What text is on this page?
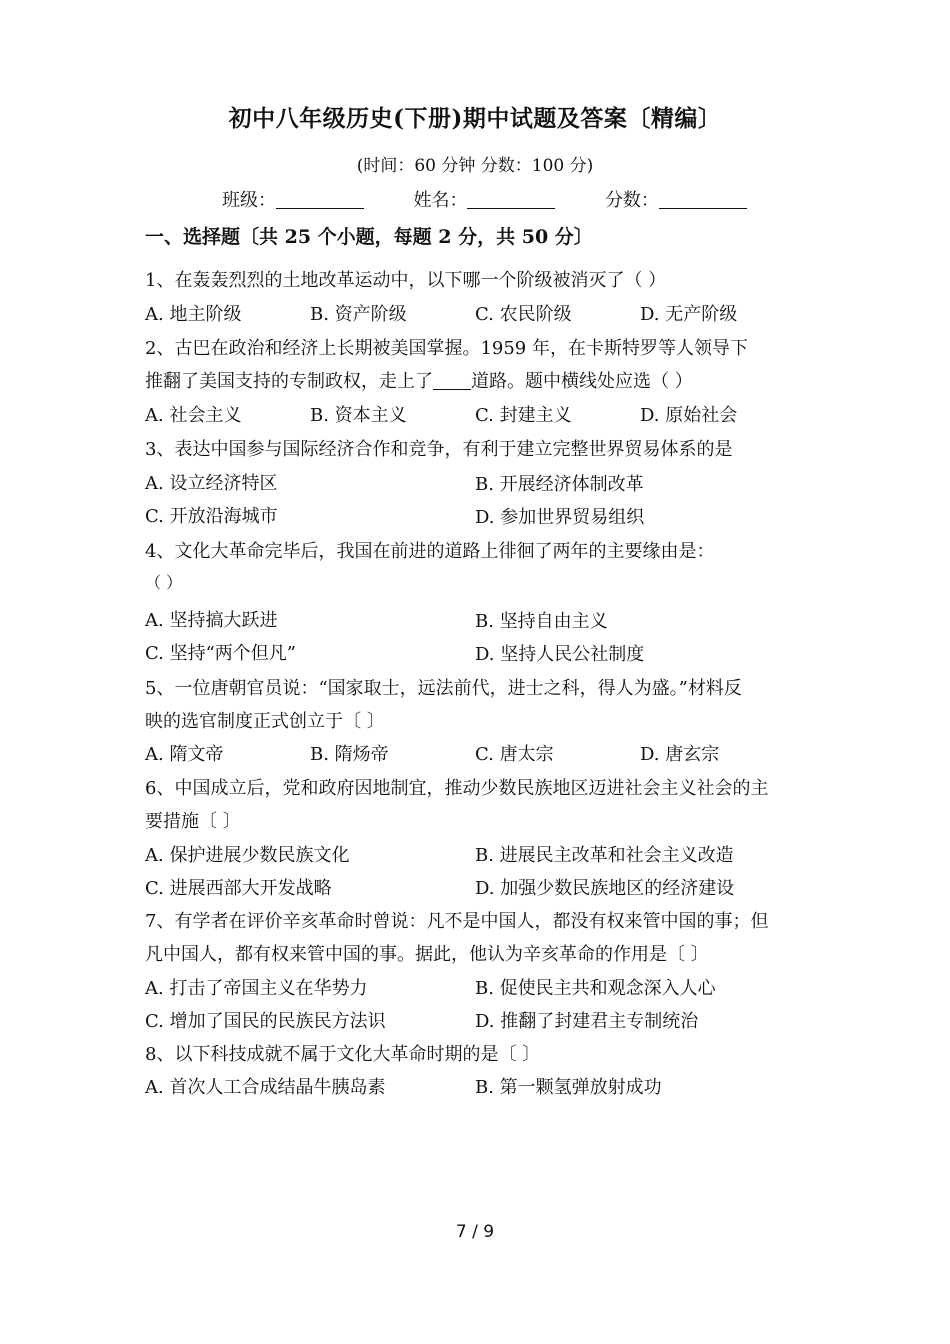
初中八年级历史(下册)期中试题及答案〔精编〕
(时间：60 分钟 分数：100 分)
班级：	姓名：	分数：
一、选择题〔共 25 个小题，每题 2 分，共 50 分〕
1、在轰轰烈烈的土地改革运动中，以下哪一个阶级被消灭了（ ）
A. 地主阶级	B. 资产阶级	C. 农民阶级	D. 无产阶级
2、古巴在政治和经济上长期被美国掌握。1959 年，在卡斯特罗等人领导下
推翻了美国支持的专制政权，走上了 道路。题中横线处应选（ ）
A. 社会主义	B. 资本主义	C. 封建主义	D. 原始社会
3、表达中国参与国际经济合作和竞争，有利于建立完整世界贸易体系的是
A. 设立经济特区	B. 开展经济体制改革
C. 开放沿海城市	D. 参加世界贸易组织
4、文化大革命完毕后，我国在前进的道路上徘徊了两年的主要缘由是：
（ ）
A. 坚持搞大跃进	B. 坚持自由主义
C. 坚持“两个但凡”	D. 坚持人民公社制度
5、一位唐朝官员说：“国家取士，远法前代，进士之科，得人为盛。”材料反
映的选官制度正式创立于〔 〕
A. 隋文帝	B. 隋炀帝	C. 唐太宗	D. 唐玄宗
6、中国成立后，党和政府因地制宜，推动少数民族地区迈进社会主义社会的主
要措施〔 〕
A. 保护进展少数民族文化	B. 进展民主改革和社会主义改造
C. 进展西部大开发战略	D. 加强少数民族地区的经济建设
7、有学者在评价辛亥革命时曾说：凡不是中国人，都没有权来管中国的事；但
凡中国人，都有权来管中国的事。据此，他认为辛亥革命的作用是〔 〕
A. 打击了帝国主义在华势力	B. 促使民主共和观念深入人心
C. 增加了国民的民族民方法识	D. 推翻了封建君主专制统治
8、以下科技成就不属于文化大革命时期的是〔 〕
A. 首次人工合成结晶牛胰岛素	B. 第一颗氢弹放射成功
7 / 9
